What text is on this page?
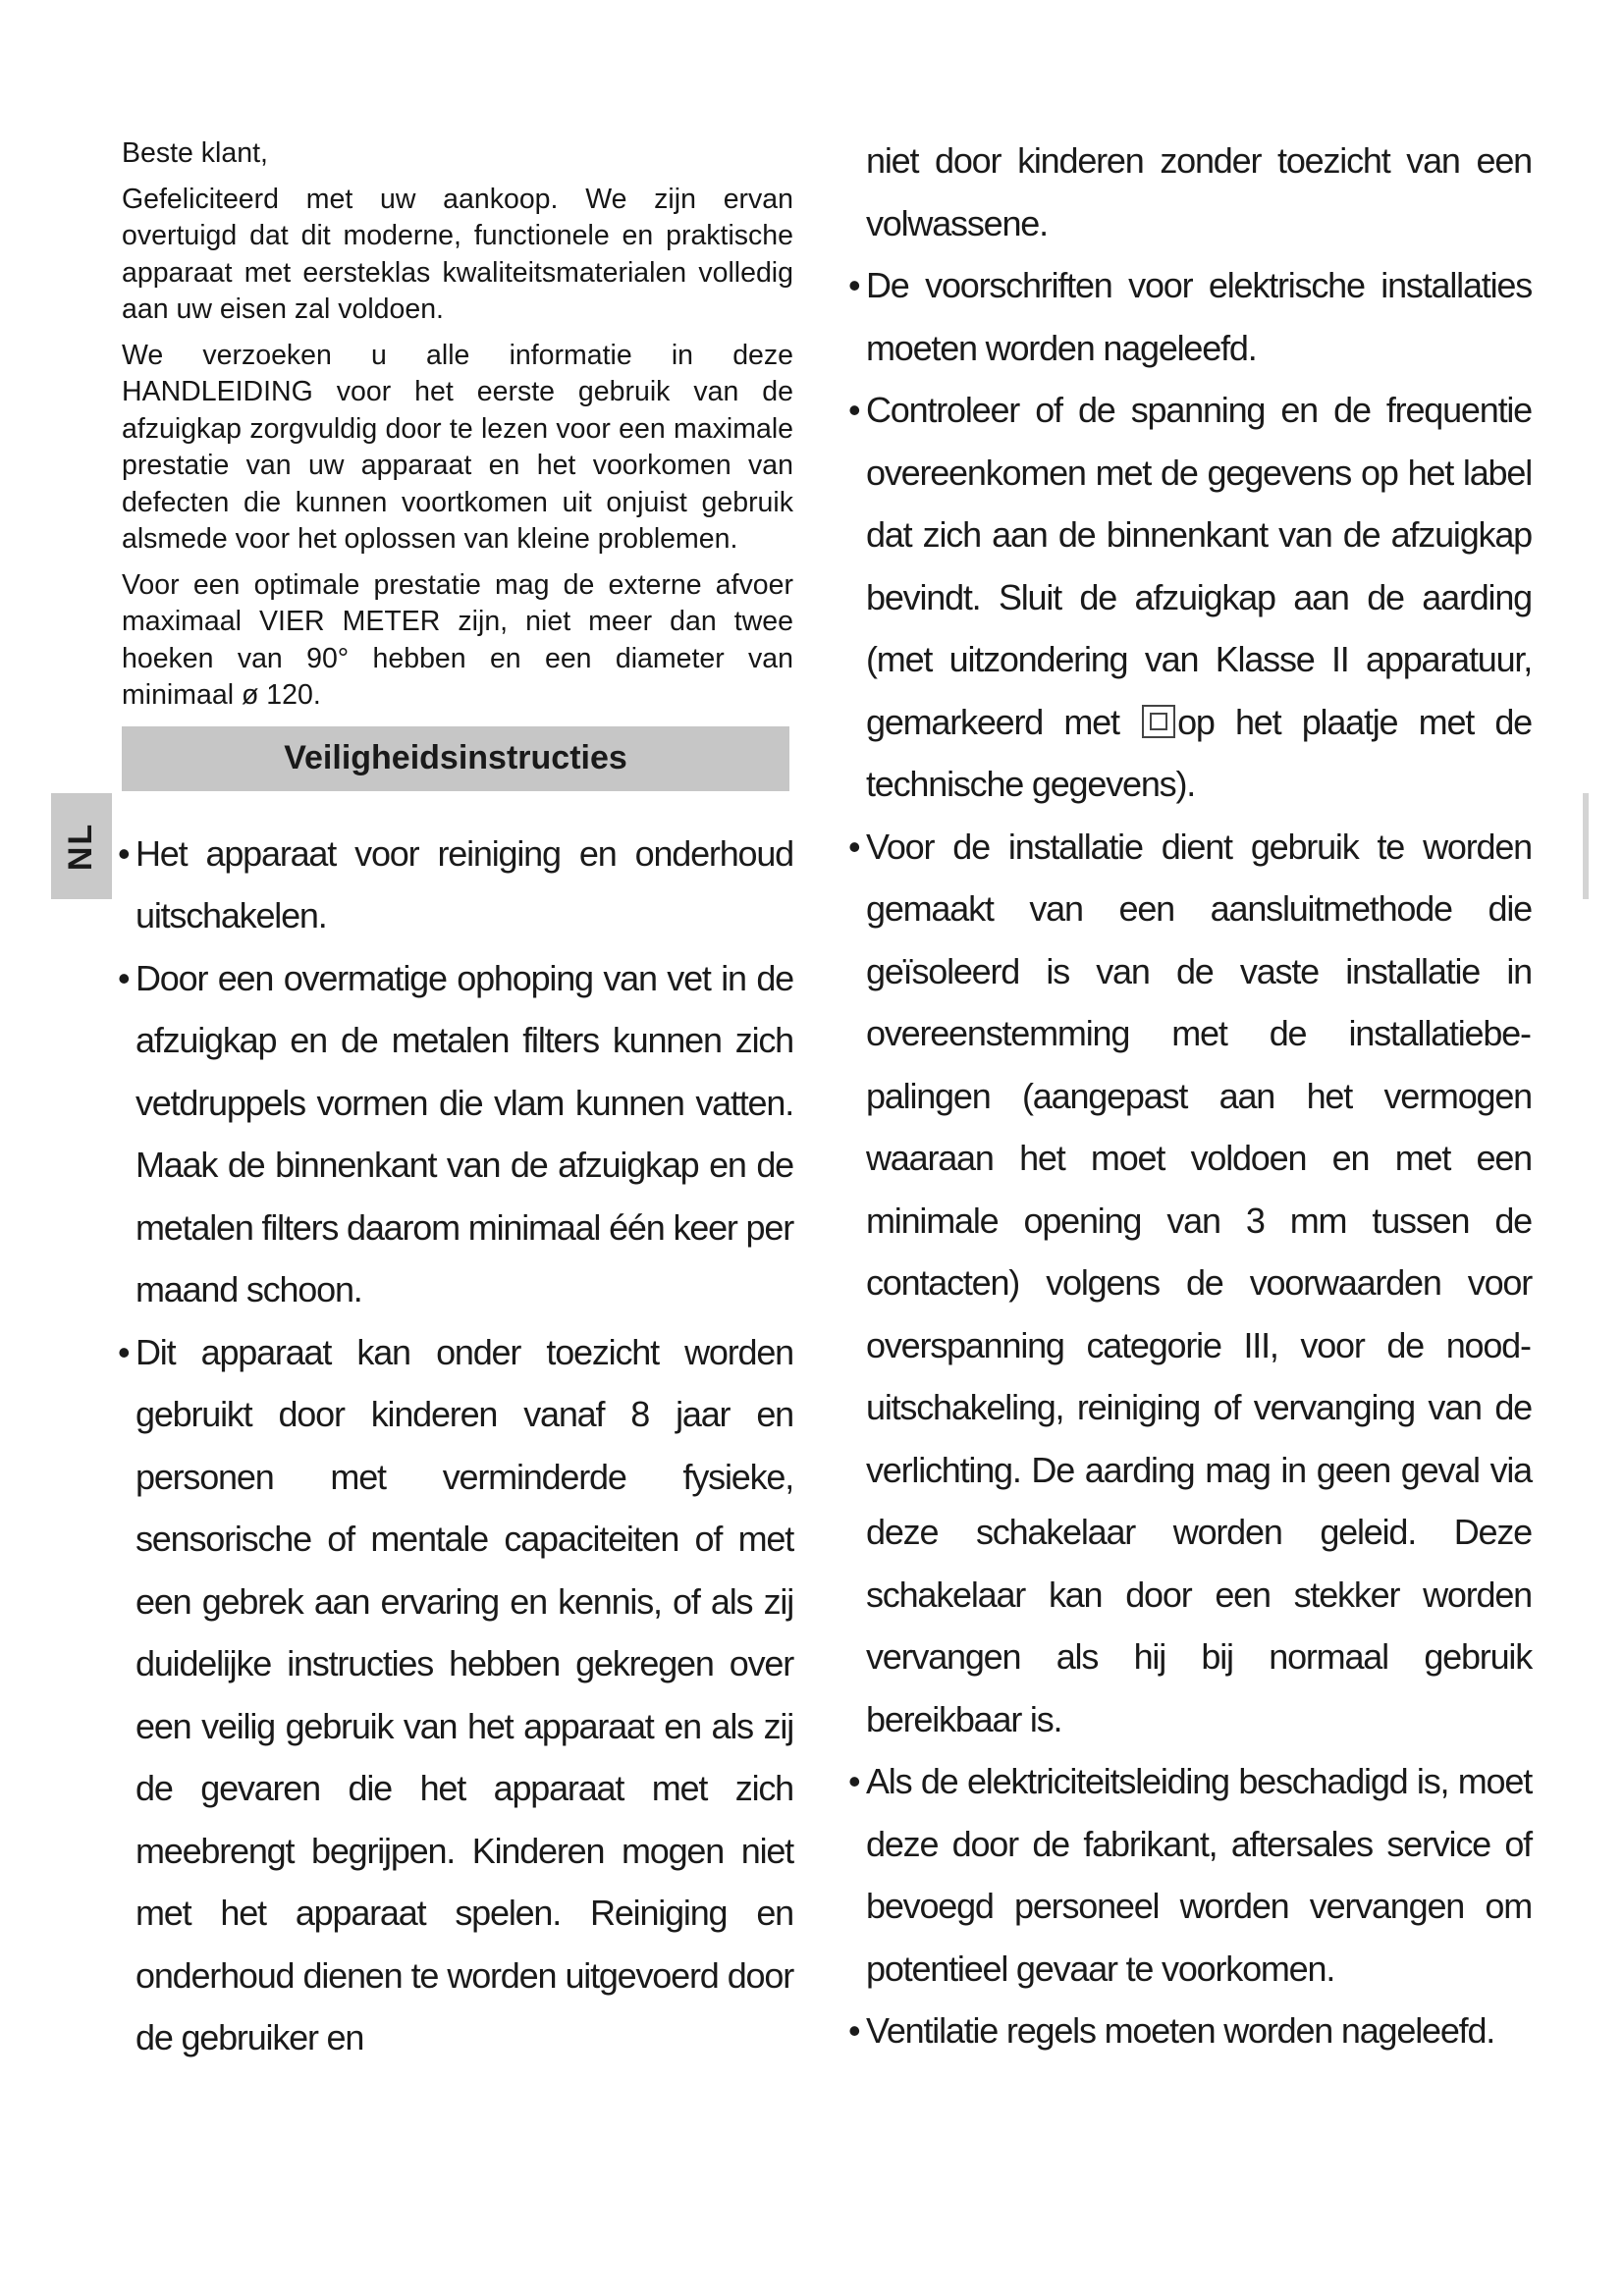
NL

Beste klant,

Gefeliciteerd met uw aankoop. We zijn ervan overtuigd dat dit moderne, functionele en praktische apparaat met eersteklas kwaliteitsmaterialen volledig aan uw eisen zal voldoen.

We verzoeken u alle informatie in deze HANDLEIDING voor het eerste gebruik van de afzuigkap zorgvuldig door te lezen voor een maximale prestatie van uw apparaat en het voorkomen van defecten die kunnen voortkomen uit onjuist gebruik alsmede voor het oplossen van kleine problemen.

Voor een optimale prestatie mag de externe afvoer maximaal VIER METER zijn, niet meer dan twee hoeken van 90° hebben en een diameter van minimaal ø 120.

Veiligheidsinstructies
• Het apparaat voor reiniging en onderhoud uitschakelen.
• Door een overmatige ophoping van vet in de afzuigkap en de metalen filters kunnen zich vetdruppels vormen die vlam kunnen vatten. Maak de binnenkant van de afzuigkap en de metalen filters daarom minimaal één keer per maand schoon.
• Dit apparaat kan onder toezicht worden gebruikt door kinderen vanaf 8 jaar en personen met verminderde fysieke, sensorische of mentale capaciteiten of met een gebrek aan ervaring en kennis, of als zij duidelijke instructies hebben gekregen over een veilig gebruik van het apparaat en als zij de gevaren die het apparaat met zich meebrengt begrijpen. Kinderen mogen niet met het apparaat spelen. Reiniging en onderhoud dienen te worden uitgevoerd door de gebruiker en

niet door kinderen zonder toezicht van een volwassene.

• De voorschriften voor elektrische installaties moeten worden nageleefd.
• Controleer of de spanning en de frequentie overeenkomen met de gegevens op het label dat zich aan de binnenkant van de afzuigkap bevindt. Sluit de afzuigkap aan de aarding (met uitzondering van Klasse II apparatuur, gemarkeerd met op het plaatje met de technische gegevens).
• Voor de installatie dient gebruik te worden gemaakt van een aansluitmethode die geïsoleerd is van de vaste installatie in overeenstemming met de installatiebepalingen (aangepast aan het vermogen waaraan het moet voldoen en met een minimale opening van 3 mm tussen de contacten) volgens de voorwaarden voor overspanning categorie III, voor de nooduitschakeling, reiniging of vervanging van de verlichting. De aarding mag in geen geval via deze schakelaar worden geleid. Deze schakelaar kan door een stekker worden vervangen als hij bij normaal gebruik bereikbaar is.
• Als de elektriciteitsleiding beschadigd is, moet deze door de fabrikant, aftersales service of bevoegd personeel worden vervangen om potentieel gevaar te voorkomen.
• Ventilatie regels moeten worden nageleefd.
